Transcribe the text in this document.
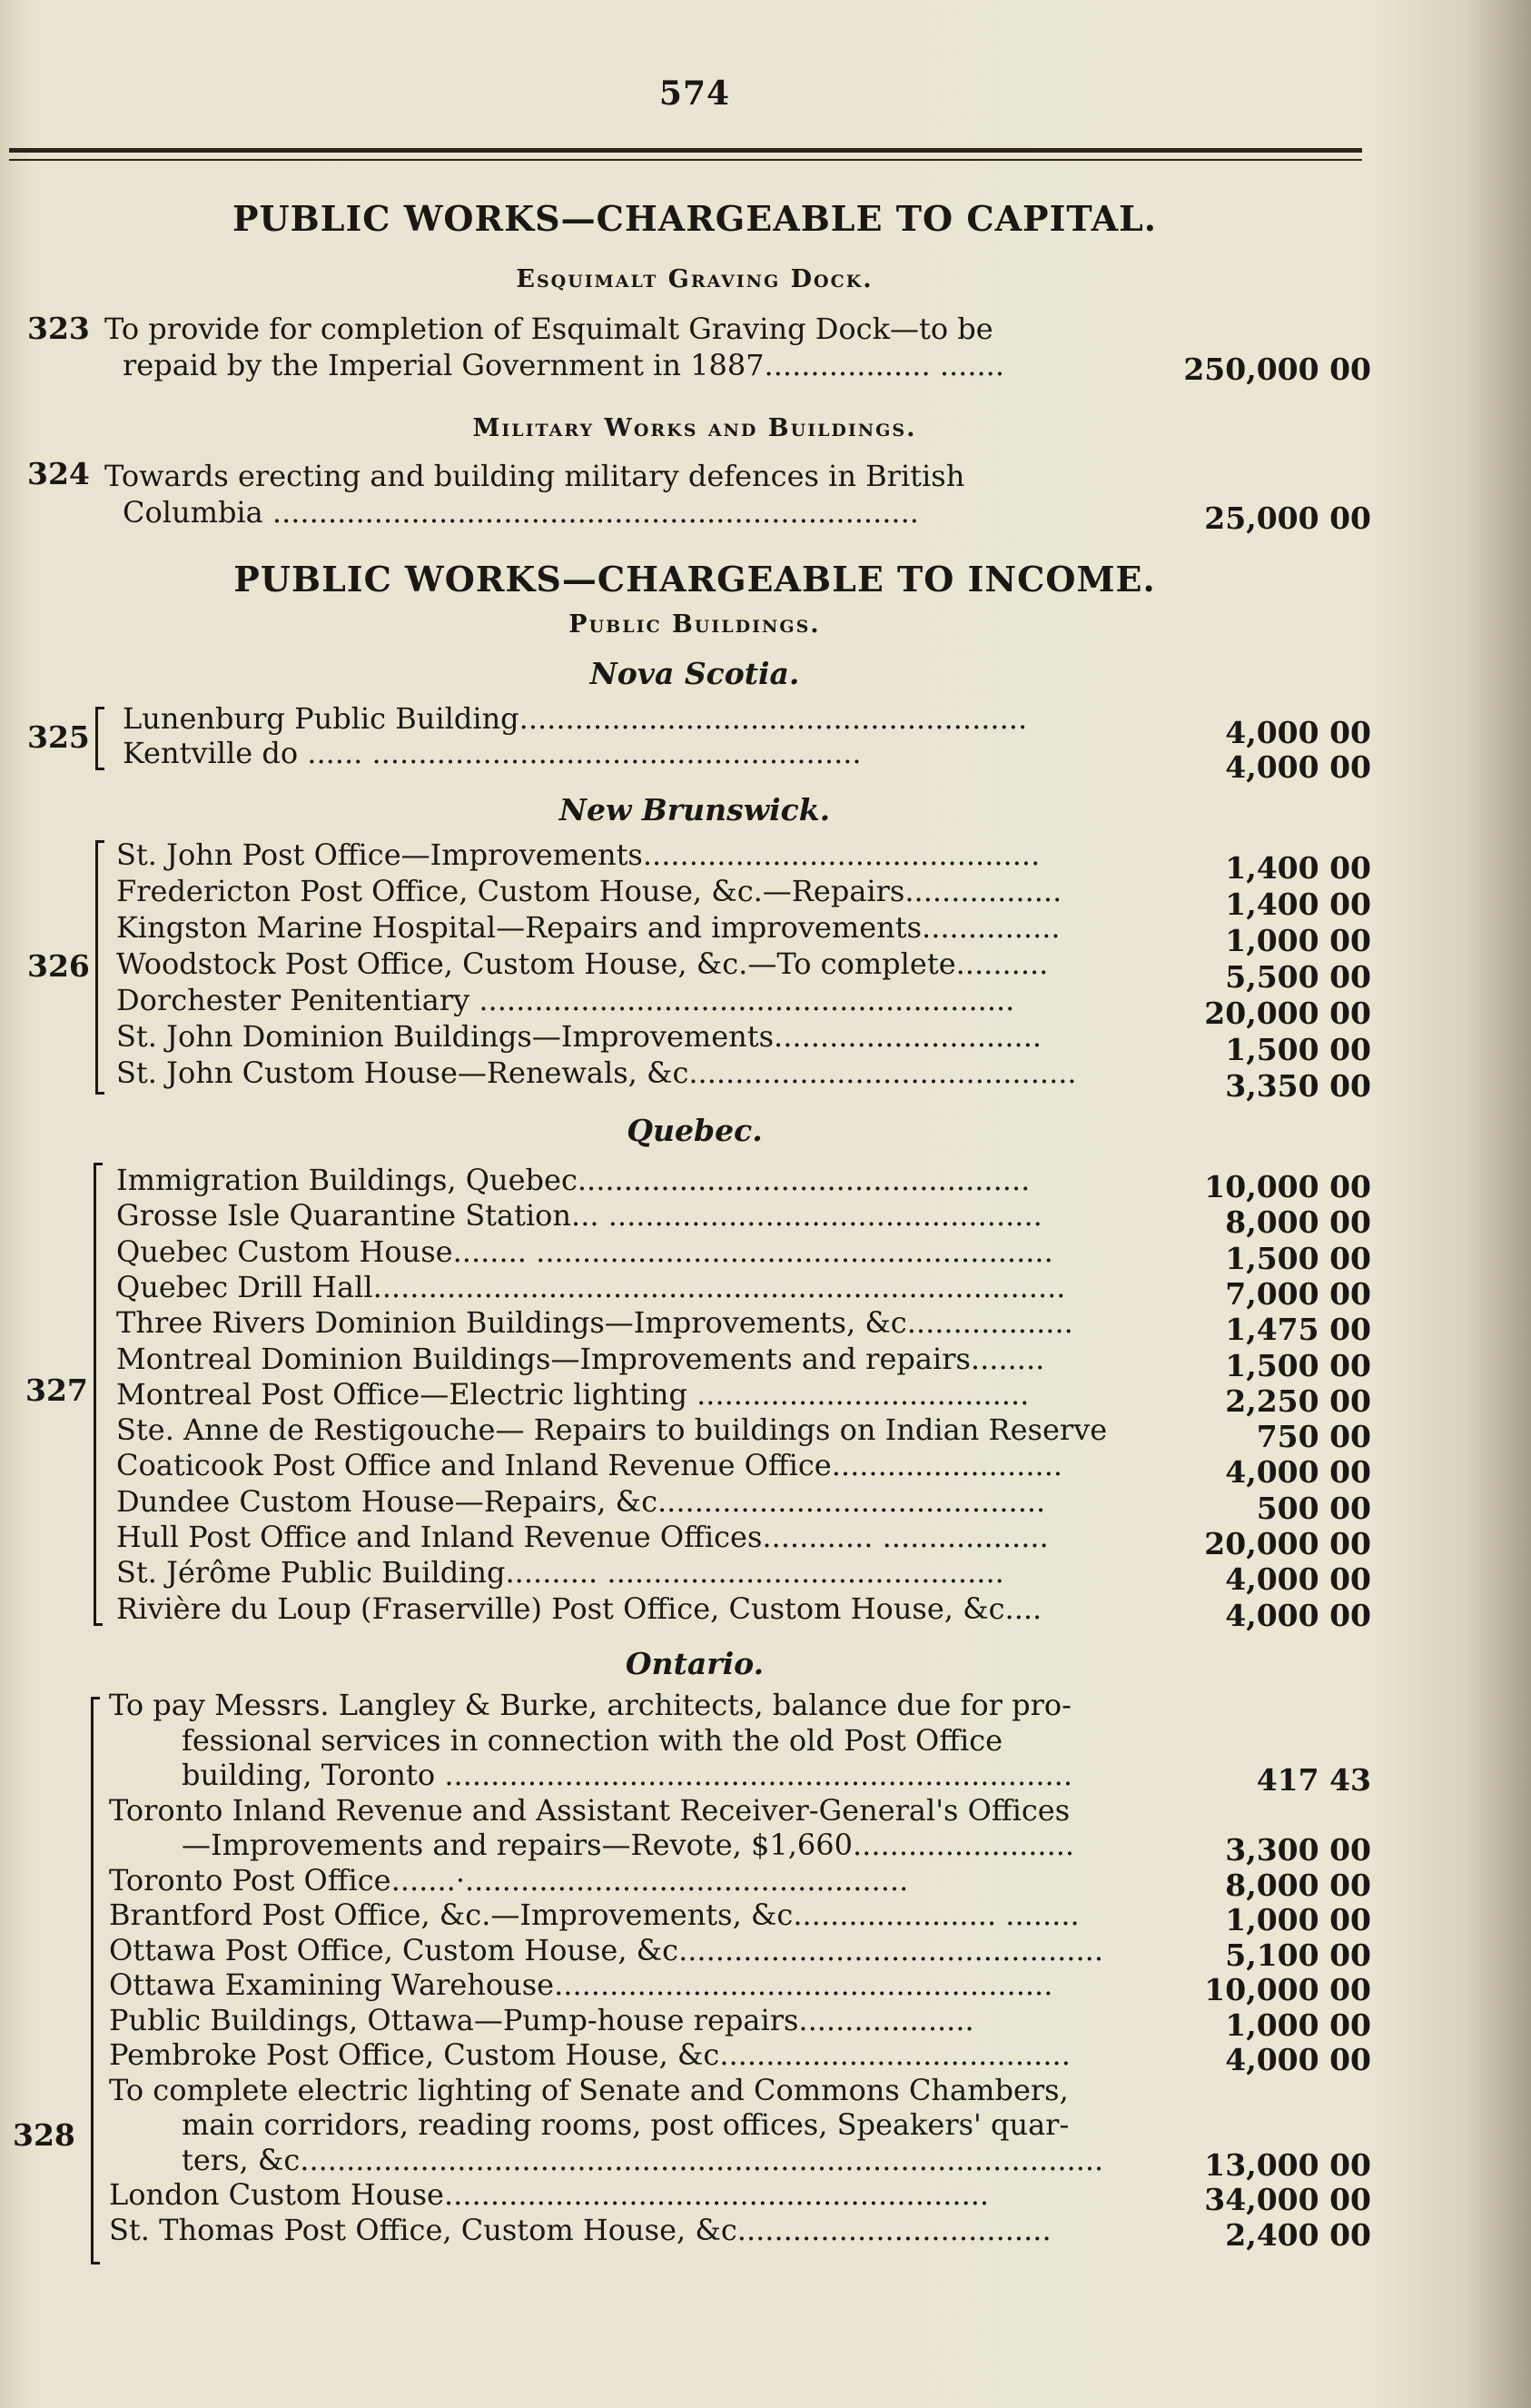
574
PUBLIC WORKS—CHARGEABLE TO CAPITAL.
Esquimalt Graving Dock.
323 To provide for completion of Esquimalt Graving Dock—to be
repaid by the Imperial Government in 1887.................. .......	250,000 00
Military Works and Buildings.
324 Towards erecting and building military defences in British
Columbia ......................................................................	25,000 00
PUBLIC WORKS—CHARGEABLE TO INCOME.
Public Buildings.
Nova Scotia.
325
Lunenburg Public Building.......................................................	4,000 00
Kentville do ...... .....................................................	4,000 00
New Brunswick.
326
St. John Post Office—Improvements...........................................	1,400 00
Fredericton Post Office, Custom House, &c.—Repairs.................	1,400 00
Kingston Marine Hospital—Repairs and improvements...............	1,000 00
Woodstock Post Office, Custom House, &c.—To complete..........	5,500 00
Dorchester Penitentiary ..........................................................	20,000 00
St. John Dominion Buildings—Improvements.............................	1,500 00
St. John Custom House—Renewals, &c..........................................	3,350 00
Quebec.
327
Immigration Buildings, Quebec.................................................	10,000 00
Grosse Isle Quarantine Station... ...............................................	8,000 00
Quebec Custom House........ ........................................................	1,500 00
Quebec Drill Hall...........................................................................	7,000 00
Three Rivers Dominion Buildings—Improvements, &c..................	1,475 00
Montreal Dominion Buildings—Improvements and repairs........	1,500 00
Montreal Post Office—Electric lighting ....................................	2,250 00
Ste. Anne de Restigouche— Repairs to buildings on Indian Reserve	750 00
Coaticook Post Office and Inland Revenue Office.........................	4,000 00
Dundee Custom House—Repairs, &c..........................................	500 00
Hull Post Office and Inland Revenue Offices............ ..................	20,000 00
St. Jérôme Public Building.......... ...........................................	4,000 00
Rivière du Loup (Fraserville) Post Office, Custom House, &c....	4,000 00
Ontario.
328
To pay Messrs. Langley & Burke, architects, balance due for pro-
fessional services in connection with the old Post Office
building, Toronto ....................................................................	417 43
Toronto Inland Revenue and Assistant Receiver-General's Offices
—Improvements and repairs—Revote, $1,660........................	3,300 00
Toronto Post Office.......·................................................	8,000 00
Brantford Post Office, &c.—Improvements, &c...................... ........	1,000 00
Ottawa Post Office, Custom House, &c..............................................	5,100 00
Ottawa Examining Warehouse......................................................	10,000 00
Public Buildings, Ottawa—Pump-house repairs...................	1,000 00
Pembroke Post Office, Custom House, &c......................................	4,000 00
To complete electric lighting of Senate and Commons Chambers,
main corridors, reading rooms, post offices, Speakers' quar-
ters, &c.......................................................................................	13,000 00
London Custom House...........................................................	34,000 00
St. Thomas Post Office, Custom House, &c..................................	2,400 00
